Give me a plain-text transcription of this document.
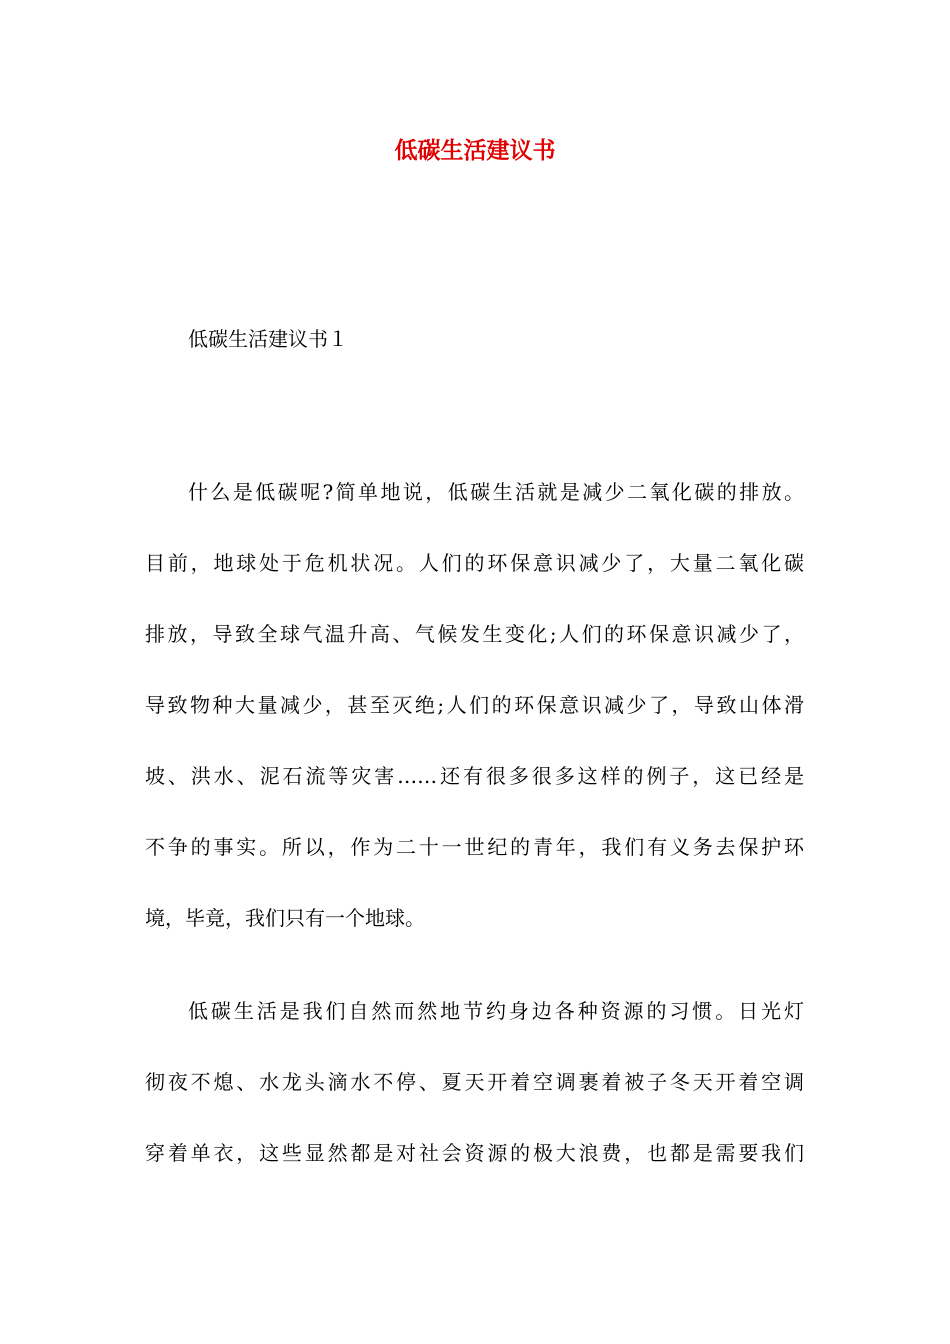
低碳生活建议书

低碳生活建议书１

什么是低碳呢?简单地说，低碳生活就是减少二氧化碳的排放。

目前，地球处于危机状况。人们的环保意识减少了，大量二氧化碳

排放，导致全球气温升高、气候发生变化;人们的环保意识减少了，

导致物种大量减少，甚至灭绝;人们的环保意识减少了，导致山体滑

坡、洪水、泥石流等灾害……还有很多很多这样的例子，这已经是

不争的事实。所以，作为二十一世纪的青年，我们有义务去保护环

境，毕竟，我们只有一个地球。

低碳生活是我们自然而然地节约身边各种资源的习惯。日光灯

彻夜不熄、水龙头滴水不停、夏天开着空调裹着被子冬天开着空调

穿着单衣，这些显然都是对社会资源的极大浪费，也都是需要我们
